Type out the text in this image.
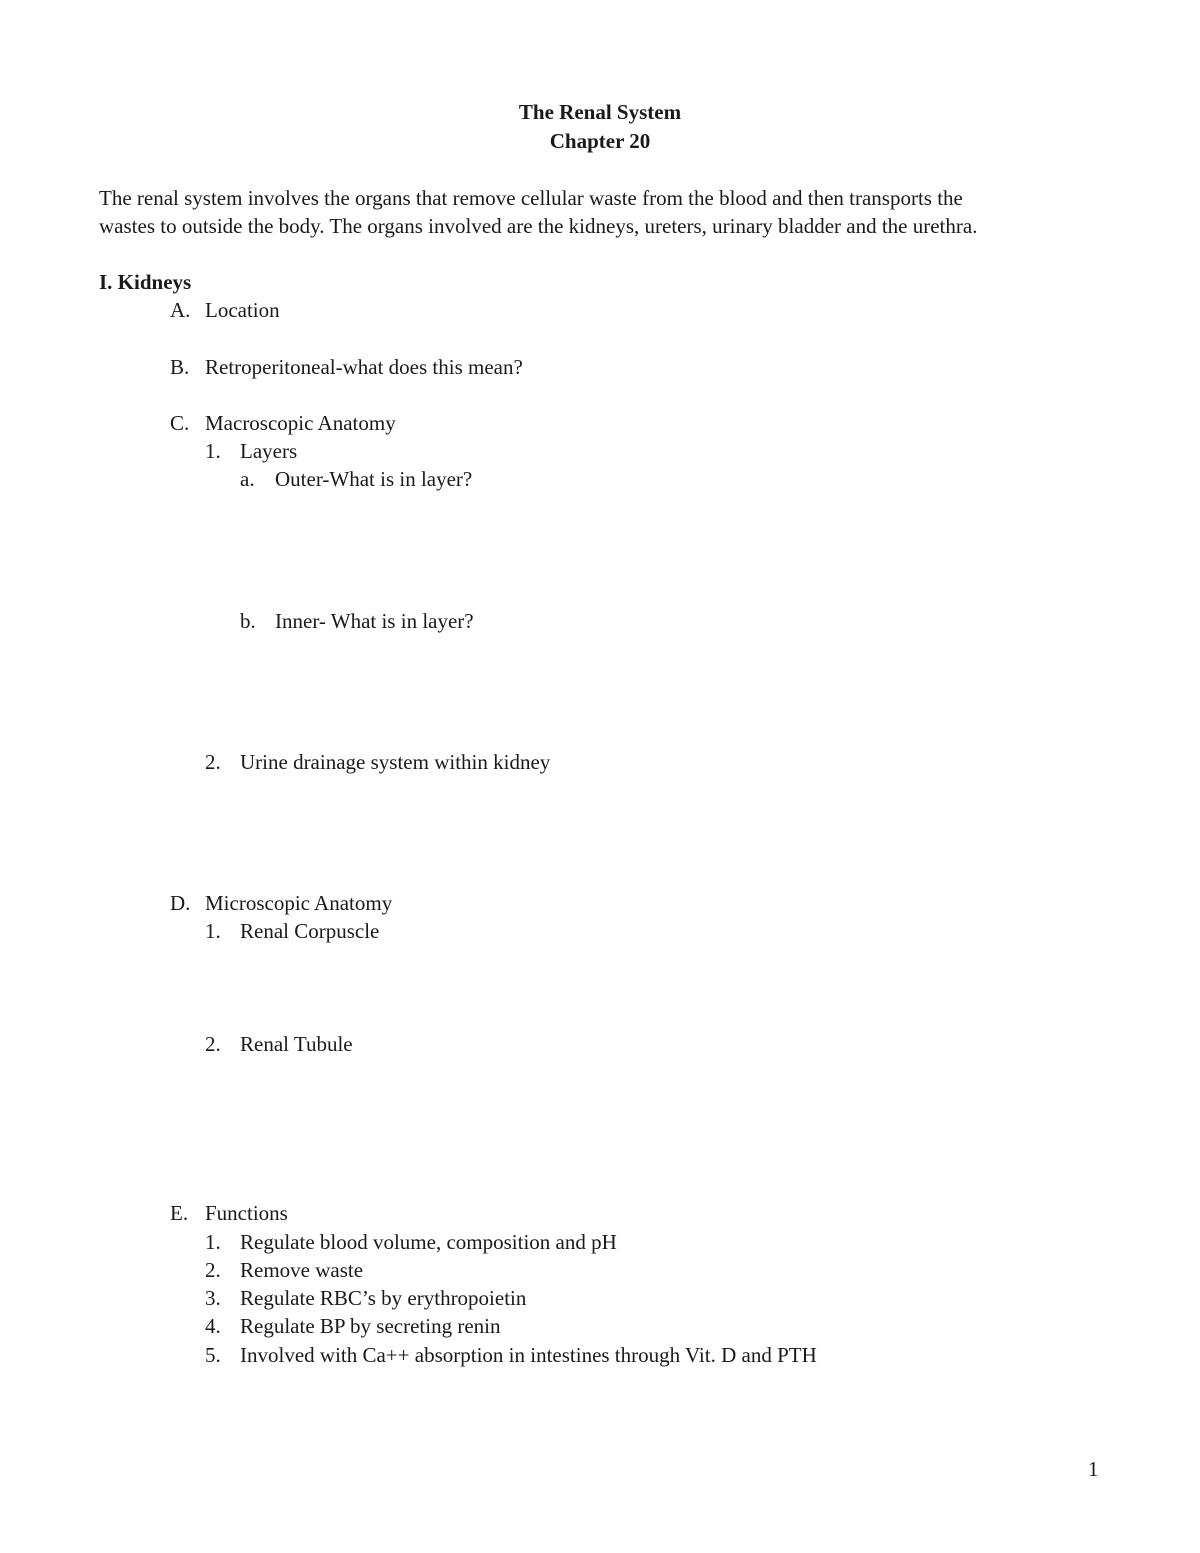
The Renal System
Chapter 20
The renal system involves the organs that remove cellular waste from the blood and then transports the
wastes to outside the body. The organs involved are the kidneys, ureters, urinary bladder and the urethra.
I. Kidneys
A. Location
B. Retroperitoneal-what does this mean?
C. Macroscopic Anatomy
1. Layers
a. Outer-What is in layer?
b. Inner- What is in layer?
2. Urine drainage system within kidney
D. Microscopic Anatomy
1. Renal Corpuscle
2. Renal Tubule
E. Functions
1. Regulate blood volume, composition and pH
2. Remove waste
3. Regulate RBC’s by erythropoietin
4. Regulate BP by secreting renin
5. Involved with Ca++ absorption in intestines through Vit. D and PTH
1
